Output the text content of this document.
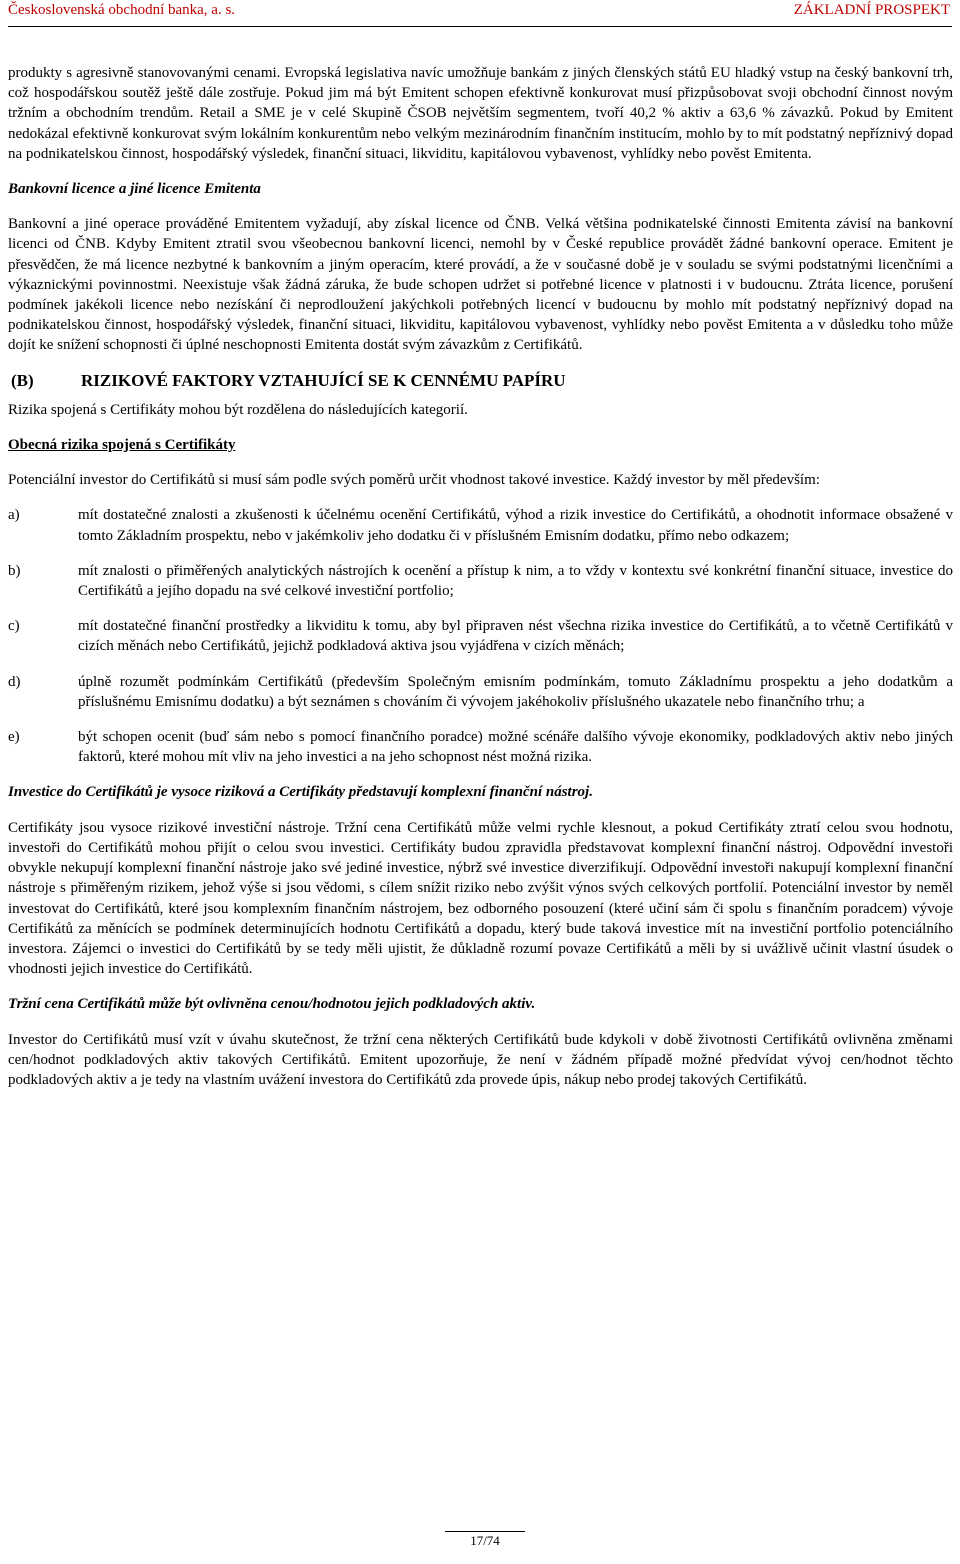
Československá obchodní banka, a. s.	ZÁKLADNÍ PROSPEKT

produkty s agresivně stanovovanými cenami. Evropská legislativa navíc umožňuje bankám z jiných členských států EU hladký vstup na český bankovní trh, což hospodářskou soutěž ještě dále zostřuje. Pokud jim má být Emitent schopen efektivně konkurovat musí přizpůsobovat svoji obchodní činnost novým tržním a obchodním trendům. Retail a SME je v celé Skupině ČSOB největším segmentem, tvoří 40,2 % aktiv a 63,6 % závazků. Pokud by Emitent nedokázal efektivně konkurovat svým lokálním konkurentům nebo velkým mezinárodním finančním institucím, mohlo by to mít podstatný nepříznivý dopad na podnikatelskou činnost, hospodářský výsledek, finanční situaci, likviditu, kapitálovou vybavenost, vyhlídky nebo pověst Emitenta.

Bankovní licence a jiné licence Emitenta

Bankovní a jiné operace prováděné Emitentem vyžadují, aby získal licence od ČNB. Velká většina podnikatelské činnosti Emitenta závisí na bankovní licenci od ČNB. Kdyby Emitent ztratil svou všeobecnou bankovní licenci, nemohl by v České republice provádět žádné bankovní operace. Emitent je přesvědčen, že má licence nezbytné k bankovním a jiným operacím, které provádí, a že v současné době je v souladu se svými podstatnými licenčními a výkaznickými povinnostmi. Neexistuje však žádná záruka, že bude schopen udržet si potřebné licence v platnosti i v budoucnu. Ztráta licence, porušení podmínek jakékoli licence nebo nezískání či neprodloužení jakýchkoli potřebných licencí v budoucnu by mohlo mít podstatný nepříznivý dopad na podnikatelskou činnost, hospodářský výsledek, finanční situaci, likviditu, kapitálovou vybavenost, vyhlídky nebo pověst Emitenta a v důsledku toho může dojít ke snížení schopnosti či úplné neschopnosti Emitenta dostát svým závazkům z Certifikátů.

(B)	RIZIKOVÉ FAKTORY VZTAHUJÍCÍ SE K CENNÉMU PAPÍRU

Rizika spojená s Certifikáty mohou být rozdělena do následujících kategorií.

Obecná rizika spojená s Certifikáty

Potenciální investor do Certifikátů si musí sám podle svých poměrů určit vhodnost takové investice. Každý investor by měl především:

a)	mít dostatečné znalosti a zkušenosti k účelnému ocenění Certifikátů, výhod a rizik investice do Certifikátů, a ohodnotit informace obsažené v tomto Základním prospektu, nebo v jakémkoliv jeho dodatku či v příslušném Emisním dodatku, přímo nebo odkazem;
b)	mít znalosti o přiměřených analytických nástrojích k ocenění a přístup k nim, a to vždy v kontextu své konkrétní finanční situace, investice do Certifikátů a jejího dopadu na své celkové investiční portfolio;
c)	mít dostatečné finanční prostředky a likviditu k tomu, aby byl připraven nést všechna rizika investice do Certifikátů, a to včetně Certifikátů v cizích měnách nebo Certifikátů, jejichž podkladová aktiva jsou vyjádřena v cizích měnách;
d)	úplně rozumět podmínkám Certifikátů (především Společným emisním podmínkám, tomuto Základnímu prospektu a jeho dodatkům a příslušnému Emisnímu dodatku) a být seznámen s chováním či vývojem jakéhokoliv příslušného ukazatele nebo finančního trhu; a
e)	být schopen ocenit (buď sám nebo s pomocí finančního poradce) možné scénáře dalšího vývoje ekonomiky, podkladových aktiv nebo jiných faktorů, které mohou mít vliv na jeho investici a na jeho schopnost nést možná rizika.
Investice do Certifikátů je vysoce riziková a Certifikáty představují komplexní finanční nástroj.

Certifikáty jsou vysoce rizikové investiční nástroje. Tržní cena Certifikátů může velmi rychle klesnout, a pokud Certifikáty ztratí celou svou hodnotu, investoři do Certifikátů mohou přijít o celou svou investici. Certifikáty budou zpravidla představovat komplexní finanční nástroj. Odpovědní investoři obvykle nekupují komplexní finanční nástroje jako své jediné investice, nýbrž své investice diverzifikují. Odpovědní investoři nakupují komplexní finanční nástroje s přiměřeným rizikem, jehož výše si jsou vědomi, s cílem snížit riziko nebo zvýšit výnos svých celkových portfolií. Potenciální investor by neměl investovat do Certifikátů, které jsou komplexním finančním nástrojem, bez odborného posouzení (které učiní sám či spolu s finančním poradcem) vývoje Certifikátů za měnících se podmínek determinujících hodnotu Certifikátů a dopadu, který bude taková investice mít na investiční portfolio potenciálního investora. Zájemci o investici do Certifikátů by se tedy měli ujistit, že důkladně rozumí povaze Certifikátů a měli by si uvážlivě učinit vlastní úsudek o vhodnosti jejich investice do Certifikátů.

Tržní cena Certifikátů může být ovlivněna cenou/hodnotou jejich podkladových aktiv.

Investor do Certifikátů musí vzít v úvahu skutečnost, že tržní cena některých Certifikátů bude kdykoli v době životnosti Certifikátů ovlivněna změnami cen/hodnot podkladových aktiv takových Certifikátů. Emitent upozorňuje, že není v žádném případě možné předvídat vývoj cen/hodnot těchto podkladových aktiv a je tedy na vlastním uvážení investora do Certifikátů zda provede úpis, nákup nebo prodej takových Certifikátů.

17/74
